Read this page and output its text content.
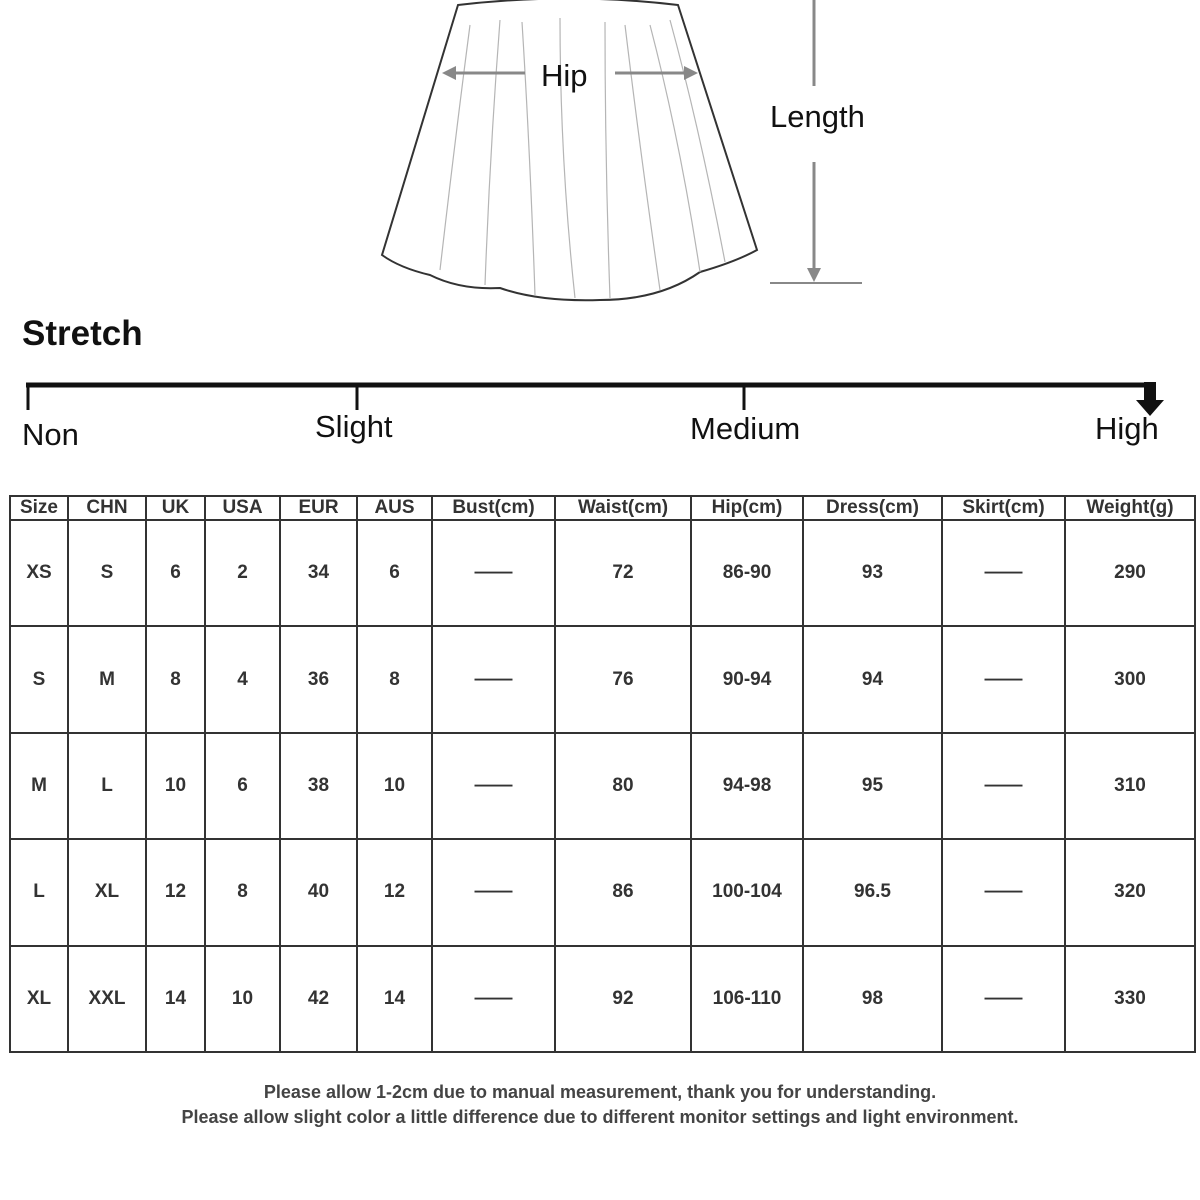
Hip
Length
Stretch
Non	Slight	Medium	High
Size	CHN	UK	USA	EUR	AUS	Bust(cm)	Waist(cm)	Hip(cm)	Dress(cm)	Skirt(cm)	Weight(g)
XS	S	6	2	34	6	——	72	86-90	93	——	290
S	M	8	4	36	8	——	76	90-94	94	——	300
M	L	10	6	38	10	——	80	94-98	95	——	310
L	XL	12	8	40	12	——	86	100-104	96.5	——	320
XL	XXL	14	10	42	14	——	92	106-110	98	——	330

Please allow 1-2cm due to manual measurement, thank you for understanding.

Please allow slight color a little difference due to different monitor settings and light environment.
